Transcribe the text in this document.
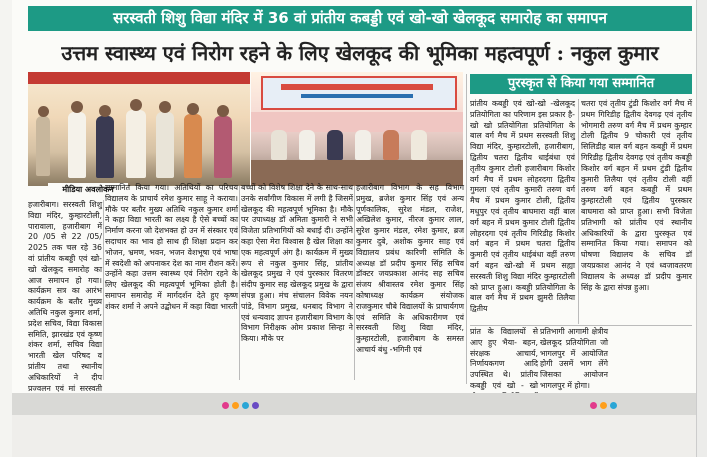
सरस्वती शिशु विद्या मंदिर में 36 वां प्रांतीय कबड्डी एवं खो-खो खेलकूद समारोह का समापन
उत्तम स्वास्थ्य एवं निरोग रहने के लिए खेलकूद की भूमिका महत्वपूर्ण : नकुल कुमार
मीडिया अवलोकन
पुरस्कृत से किया गया सम्मानित
हजारीबाग। सरस्वती शिशु विद्या मंदिर, कुम्हारटोली, पारावाला, हजारीबाग में 20 /05 से 22 /05/ 2025 तक चल रहे 36 वां प्रांतीय कबड्डी एवं खो-खो खेलकूद समारोह का आज समापन हो गया। कार्यक्रम सत्र का आरंभ कार्यक्रम के बतौर मुख्य अतिथि नकुल कुमार शर्मा, प्रदेश सचिव, विद्या विकास समिति, झारखंड एवं कृष्ण शंकर शर्मा, सचिव विद्या भारती खेल परिषद व प्रांतीय तथा स्थानीय अधिकारियों ने दीप प्रज्वलन एवं मां सरस्वती
सम्मानित किया गया। अतिथियों का परिचय विद्यालय के प्राचार्य रमेश कुमार साहू ने कराया। मौके पर बतौर मुख्य अतिथि नकुल कुमार शर्मा ने कहा विद्या भारती का लक्ष्य है ऐसे बच्चों का निर्माण करना जो देशभक्त हो उन में संस्कार एवं सदाचार का भाव हो साथ ही शिक्षा प्रदान कर भोजन, भ्रमण, भवन, भजन वेशभूषा एवं भाषा में स्वदेशी को अपनाकर देश का नाम रौशन करें। उन्होंने कहा उत्तम स्वास्थ्य एवं निरोग रहने के लिए खेलकूद की महत्वपूर्ण भूमिका होती है। समापन समारोह में मार्गदर्शन देते हुए कृष्ण शंकर शर्मा ने अपने उद्बोधन में कहा विद्या भारती
बच्चों को विशेष शिक्षा देने के साथ-साथ उनके सर्वांगीण विकास में लगी है जिसमें खेलकूद की महत्वपूर्ण भूमिका है। मौके पर उपाध्यक्ष डॉ अमिता कुमारी ने सभी विजेता प्रतिभागियों को बधाई दी। उन्होंने कहा ऐसा मेरा विश्वास है खेल शिक्षा का एक महत्वपूर्ण अंग है। कार्यक्रम में मुख्य रूप से नकुल कुमार सिंह, प्रांतीय खेलकूद प्रमुख ने एवं पुरस्कार वितरण संदीप कुमार सह खेलकूद प्रमुख के द्वारा संपन्न हुआ। मंच संचालन विवेक नयन पांडे, विभाग प्रमुख, धनबाद विभाग ने एवं धन्यवाद ज्ञापन हजारीबाग विभाग के विभाग निरीक्षक ओम प्रकाश सिन्हा ने किया। मौके पर
हजारीबाग विभाग के सह विभाग प्रमुख, ब्रजेश कुमार सिंह एवं अन्य पूर्णकालिक, सुरेश मंडल, राजेश, अखिलेश कुमार, नीरज कुमार लाल, सुरेश कुमार मंडल, रमेश कुमार, ब्रज कुमार दुबे, अशोक कुमार साह एवं विद्यालय प्रबंध कारिणी समिति के अध्यक्ष डॉ प्रदीप कुमार सिंह सचिव डॉक्टर जयप्रकाश आनंद सह सचिव संजय श्रीवास्तव रमेश कुमार सिंह कोषाध्यक्ष कार्यक्रम संयोजक राजकुमार चौबे विद्यालयों के प्राचार्यगण एवं समिति के अधिकारीगण एवं सरस्वती शिशु विद्या मंदिर, कुम्हारटोली, हजारीबाग के समस्त आचार्य बंधु -भगिनी एवं
प्रांतीय कबड्डी एवं खो-खो -खेलकूद प्रतियोगिता का परिणाम इस प्रकार है- खो खो प्रतियोगिता प्रतियोगिता के बाल वर्ग मैच में प्रथम सरस्वती शिशु विद्या मंदिर, कुम्हारटोली, हजारीबाग, द्वितीय चतरा द्वितीय धाईबंधा एवं तृतीय कुमार टोली हजारीबाग किशोर वर्ग मैच में प्रथम लोहरदगा द्वितीय गुमला एवं तृतीय कुमारी तरुण वर्ग मैच में प्रथम कुमार टोली, द्वितीय मधुपुर एवं तृतीय बाघमारा वहीं बाल वर्ग बहन में प्रथम कुमार टोली द्वितीय लोहरदगा एवं तृतीय गिरिडीह किशोर वर्ग बहन में प्रथम चतरा द्वितीय कुमारी एवं तृतीय धाईबंधा वहीं तरुण वर्ग बहन खो-खो में प्रथम सह्या सरस्वती शिशु विद्या मंदिर कुम्हारटोली को प्राप्त हुआ। कबड्डी प्रतियोगिता के बाल वर्ग मैच में प्रथम झुमरी तिलैया द्वितीय
चतरा एवं तृतीय टुंडी किशोर वर्ग मैच में प्रथम गिरिडीह द्वितीय देवगढ़ एवं तृतीय भोगमारी तरुण वर्ग मैच में प्रथम कुम्हार टोली द्वितीय 9 चोकारी एवं तृतीय सिलिडीह बाल वर्ग बहन कबड्डी में प्रथम गिरिडीह द्वितीय देवगढ़ एवं तृतीय कबड्डी किशोर वर्ग बहन में प्रथम टुंडी द्वितीय कुमारी तिलैया एवं तृतीय टोली वहीं तरुण वर्ग बहन कबड्डी में प्रथम कुम्हारटोली एवं द्वितीय पुरस्कार बाघमारा को प्राप्त हुआ। सभी विजेता प्रतिभागी को प्रांतीय एवं स्थानीय अधिकारियों के द्वारा पुरस्कृत एवं सम्मानित किया गया। समापन को घोषणा विद्यालय के सचिव डॉ जयप्रकाश आनंद ने एवं ध्वजावतरण विद्यालय के अध्यक्ष डॉ प्रदीप कुमार सिंह के द्वारा संपन्न हुआ।
प्रांत के विद्यालयों से आए हुए भैया- बहन, संरक्षक आचार्य, निर्णायकगण आदि उपस्थित थे। प्रांतीय कबड्डी एवं खो - खो
प्रतिभागी आगामी क्षेत्रीय खेलकूद प्रतियोगिता जो भागलपुर में आयोजित होगी उसमें भाग लेंगे जिसका आयोजन भागलपुर में होगा।
